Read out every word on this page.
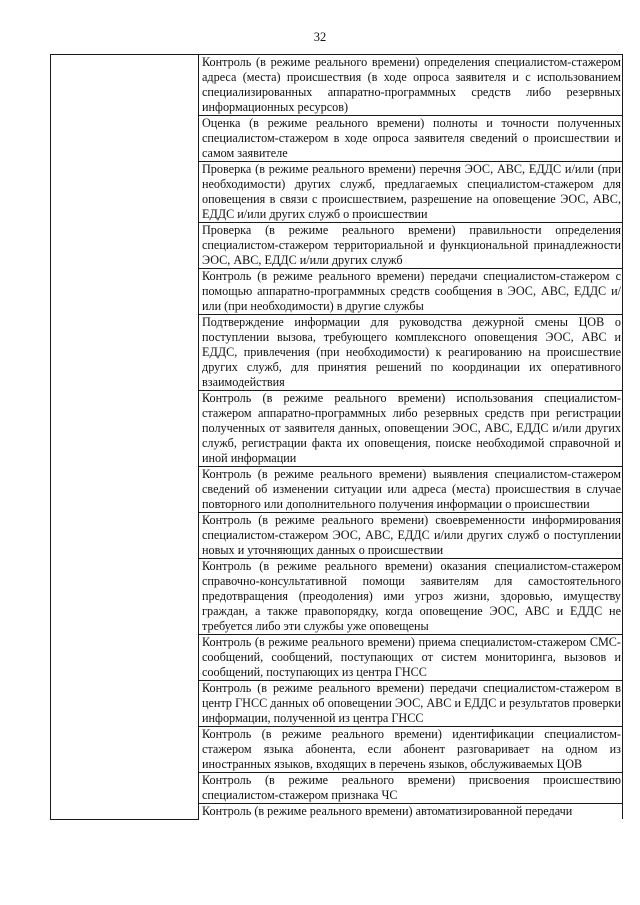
32
	Контроль (в режиме реального времени) определения специалистом-стажером адреса (места) происшествия (в ходе опроса заявителя и с использованием специализированных аппаратно-программных средств либо резервных информационных ресурсов)
Оценка (в режиме реального времени) полноты и точности полученных специалистом-стажером в ходе опроса заявителя сведений о происшествии и самом заявителе
Проверка (в режиме реального времени) перечня ЭОС, АВС, ЕДДС и/или (при необходимости) других служб, предлагаемых специалистом-стажером для оповещения в связи с происшествием, разрешение на оповещение ЭОС, АВС, ЕДДС и/или других служб о происшествии
Проверка (в режиме реального времени) правильности определения специалистом-стажером территориальной и функциональной принадлежности ЭОС, АВС, ЕДДС и/или других служб
Контроль (в режиме реального времени) передачи специалистом-стажером с помощью аппаратно-программных средств сообщения в ЭОС, АВС, ЕДДС и/или (при необходимости) в другие службы
Подтверждение информации для руководства дежурной смены ЦОВ о поступлении вызова, требующего комплексного оповещения ЭОС, АВС и ЕДДС, привлечения (при необходимости) к реагированию на происшествие других служб, для принятия решений по координации их оперативного взаимодействия
Контроль (в режиме реального времени) использования специалистом-стажером аппаратно-программных либо резервных средств при регистрации полученных от заявителя данных, оповещении ЭОС, АВС, ЕДДС и/или других служб, регистрации факта их оповещения, поиске необходимой справочной и иной информации
Контроль (в режиме реального времени) выявления специалистом-стажером сведений об изменении ситуации или адреса (места) происшествия в случае повторного или дополнительного получения информации о происшествии
Контроль (в режиме реального времени) своевременности информирования специалистом-стажером ЭОС, АВС, ЕДДС и/или других служб о поступлении новых и уточняющих данных о происшествии
Контроль (в режиме реального времени) оказания специалистом-стажером справочно-консультативной помощи заявителям для самостоятельного предотвращения (преодоления) ими угроз жизни, здоровью, имуществу граждан, а также правопорядку, когда оповещение ЭОС, АВС и ЕДДС не требуется либо эти службы уже оповещены
Контроль (в режиме реального времени) приема специалистом-стажером СМС-сообщений, сообщений, поступающих от систем мониторинга, вызовов и сообщений, поступающих из центра ГНСС
Контроль (в режиме реального времени) передачи специалистом-стажером в центр ГНСС данных об оповещении ЭОС, АВС и ЕДДС и результатов проверки информации, полученной из центра ГНСС
Контроль (в режиме реального времени) идентификации специалистом-стажером языка абонента, если абонент разговаривает на одном из иностранных языков, входящих в перечень языков, обслуживаемых ЦОВ
Контроль (в режиме реального времени) присвоения происшествию специалистом-стажером признака ЧС
Контроль (в режиме реального времени) автоматизированной передачи
